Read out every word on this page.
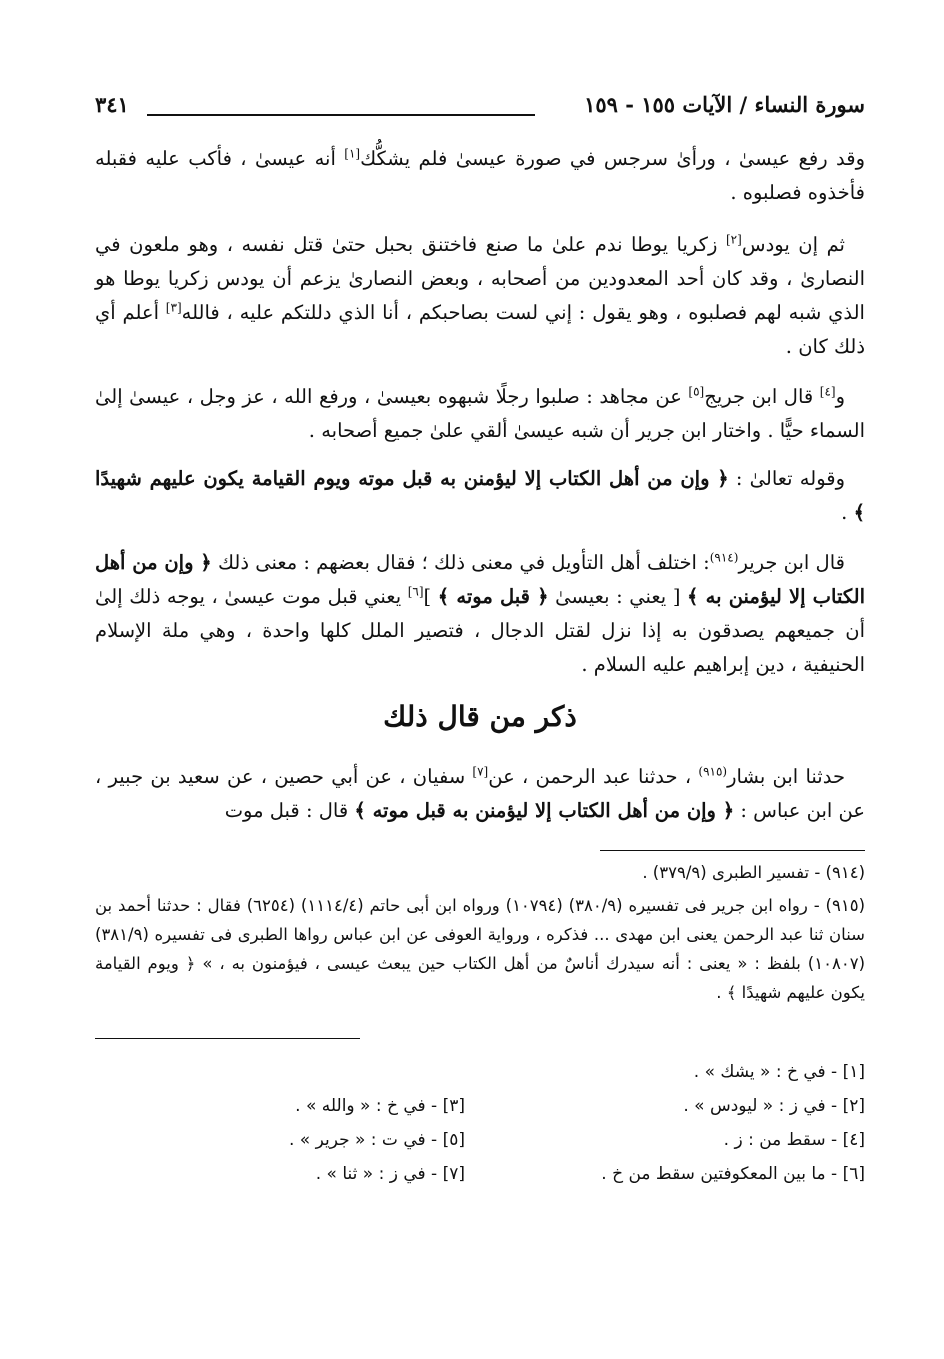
سورة النساء / الآيات ١٥٥ - ١٥٩
٣٤١

وقد رفع عيسىٰ ، ورأىٰ سرجس في صورة عيسىٰ فلم يشكُّك[١] أنه عيسىٰ ، فأكب عليه فقبله فأخذوه فصلبوه .

ثم إن يودس[٢] زكريا يوطا ندم علىٰ ما صنع فاختنق بحبل حتىٰ قتل نفسه ، وهو ملعون في النصارىٰ ، وقد كان أحد المعدودين من أصحابه ، وبعض النصارىٰ يزعم أن يودس زكريا يوطا هو الذي شبه لهم فصلبوه ، وهو يقول : إني لست بصاحبكم ، أنا الذي دللتكم عليه ، فالله[٣] أعلم أي ذلك كان .

و[٤] قال ابن جريج[٥] عن مجاهد : صلبوا رجلًا شبهوه بعيسىٰ ، ورفع الله ، عز وجل ، عيسىٰ إلىٰ السماء حيًّا . واختار ابن جرير أن شبه عيسىٰ ألقي علىٰ جميع أصحابه .

وقوله تعالىٰ : ﴿ وإن من أهل الكتاب إلا ليؤمنن به قبل موته ويوم القيامة يكون عليهم شهيدًا ﴾ .

قال ابن جرير$^{(٩١٤)}$: اختلف أهل التأويل في معنى ذلك ؛ فقال بعضهم : معنى ذلك ﴿ وإن من أهل الكتاب إلا ليؤمنن به ﴾ [ يعني : بعيسىٰ ﴿ قبل موته ﴾ ][٦] يعني قبل موت عيسىٰ ، يوجه ذلك إلىٰ أن جميعهم يصدقون به إذا نزل لقتل الدجال ، فتصير الملل كلها واحدة ، وهي ملة الإسلام الحنيفية ، دين إبراهيم عليه السلام .

ذكر من قال ذلك

حدثنا ابن بشار$^{(٩١٥)}$ ، حدثنا عبد الرحمن ، عن[٧] سفيان ، عن أبي حصين ، عن سعيد بن جبير ، عن ابن عباس : ﴿ وإن من أهل الكتاب إلا ليؤمنن به قبل موته ﴾ قال : قبل موت

(٩١٤) - تفسير الطبرى (٣٧٩/٩) .

(٩١٥) - رواه ابن جرير فى تفسيره (٣٨٠/٩) (١٠٧٩٤) ورواه ابن أبى حاتم (١١١٤/٤) (٦٢٥٤) فقال : حدثنا أحمد بن سنان ثنا عبد الرحمن يعنى ابن مهدى ... فذكره ، ورواية العوفى عن ابن عباس رواها الطبرى فى تفسيره (٣٨١/٩) (١٠٨٠٧) بلفظ : « يعنى : أنه سيدرك أناسٌ من أهل الكتاب حين يبعث عيسى ، فيؤمنون به ، » ﴿ ويوم القيامة يكون عليهم شهيدًا ﴾ .

[١] - في خ : « يشك » .
[٢] - في ز : « ليودس » .
[٣] - في خ : « والله » .
[٤] - سقط من : ز .
[٥] - في ت : « جرير » .
[٦] - ما بين المعكوفتين سقط من خ .
[٧] - في ز : « ثنا » .
